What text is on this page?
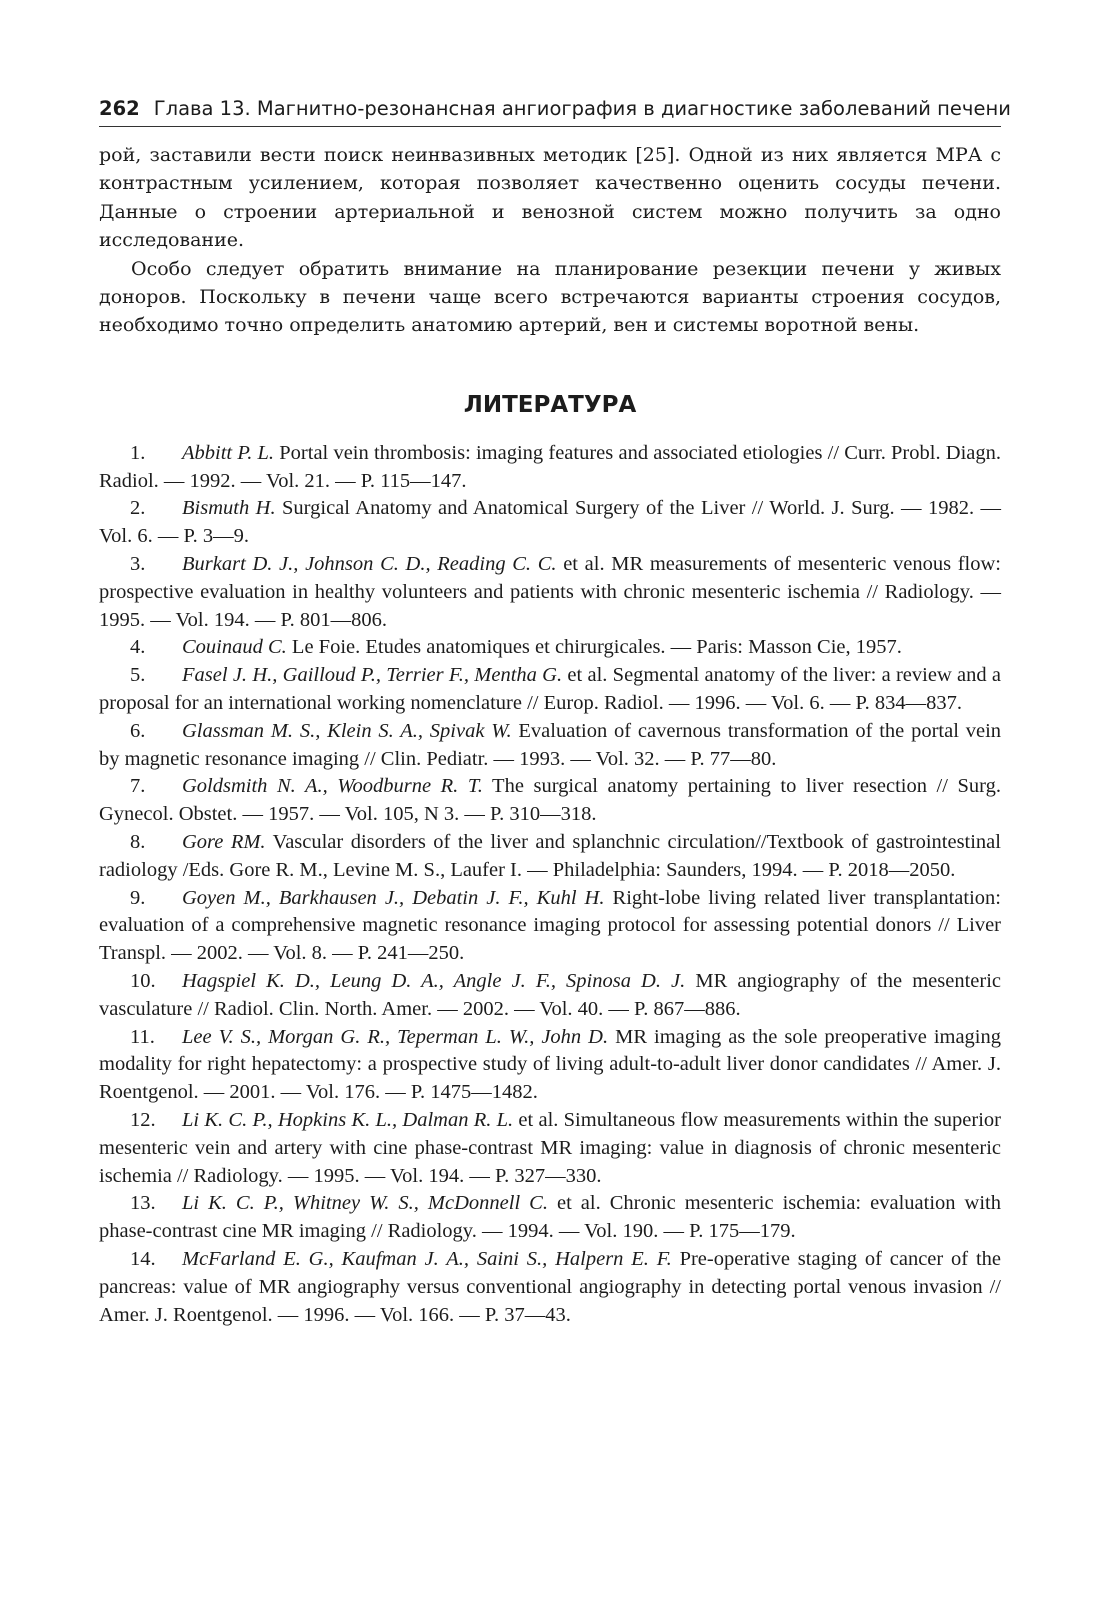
262 Глава 13. Магнитно-резонансная ангиография в диагностике заболеваний печени

рой, заставили вести поиск неинвазивных методик [25]. Одной из них является МРА с контрастным усилением, которая позволяет качественно оценить сосуды печени. Данные о строении артериальной и венозной систем можно получить за одно исследование.

Особо следует обратить внимание на планирование резекции печени у живых доноров. Поскольку в печени чаще всего встречаются варианты строения сосудов, необходимо точно определить анатомию артерий, вен и системы воротной вены.

ЛИТЕРАТУРА

1. Abbitt P. L. Portal vein thrombosis: imaging features and associated etiologies // Curr. Probl. Diagn. Radiol. — 1992. — Vol. 21. — P. 115—147.

2. Bismuth H. Surgical Anatomy and Anatomical Surgery of the Liver // World. J. Surg. — 1982. — Vol. 6. — P. 3—9.

3. Burkart D. J., Johnson C. D., Reading C. C. et al. MR measurements of mesenteric venous flow: prospective evaluation in healthy volunteers and patients with chronic mesenteric ischemia // Radiology. — 1995. — Vol. 194. — P. 801—806.

4. Couinaud C. Le Foie. Etudes anatomiques et chirurgicales. — Paris: Masson Cie, 1957.

5. Fasel J. H., Gailloud P., Terrier F., Mentha G. et al. Segmental anatomy of the liver: a review and a proposal for an international working nomenclature // Europ. Radiol. — 1996. — Vol. 6. — P. 834—837.

6. Glassman M. S., Klein S. A., Spivak W. Evaluation of cavernous transformation of the portal vein by magnetic resonance imaging // Clin. Pediatr. — 1993. — Vol. 32. — P. 77—80.

7. Goldsmith N. A., Woodburne R. T. The surgical anatomy pertaining to liver resection // Surg. Gynecol. Obstet. — 1957. — Vol. 105, N 3. — P. 310—318.

8. Gore RM. Vascular disorders of the liver and splanchnic circulation//Textbook of gastrointestinal radiology /Eds. Gore R. M., Levine M. S., Laufer I. — Philadelphia: Saunders, 1994. — P. 2018—2050.

9. Goyen M., Barkhausen J., Debatin J. F., Kuhl H. Right-lobe living related liver transplantation: evaluation of a comprehensive magnetic resonance imaging protocol for assessing potential donors // Liver Transpl. — 2002. — Vol. 8. — P. 241—250.

10. Hagspiel K. D., Leung D. A., Angle J. F., Spinosa D. J. MR angiography of the mesenteric vasculature // Radiol. Clin. North. Amer. — 2002. — Vol. 40. — P. 867—886.

11. Lee V. S., Morgan G. R., Teperman L. W., John D. MR imaging as the sole preoperative imaging modality for right hepatectomy: a prospective study of living adult-to-adult liver donor candidates // Amer. J. Roentgenol. — 2001. — Vol. 176. — P. 1475—1482.

12. Li K. C. P., Hopkins K. L., Dalman R. L. et al. Simultaneous flow measurements within the superior mesenteric vein and artery with cine phase-contrast MR imaging: value in diagnosis of chronic mesenteric ischemia // Radiology. — 1995. — Vol. 194. — P. 327—330.

13. Li K. C. P., Whitney W. S., McDonnell C. et al. Chronic mesenteric ischemia: evaluation with phase-contrast cine MR imaging // Radiology. — 1994. — Vol. 190. — P. 175—179.

14. McFarland E. G., Kaufman J. A., Saini S., Halpern E. F. Pre-operative staging of cancer of the pancreas: value of MR angiography versus conventional angiography in detecting portal venous invasion // Amer. J. Roentgenol. — 1996. — Vol. 166. — P. 37—43.
